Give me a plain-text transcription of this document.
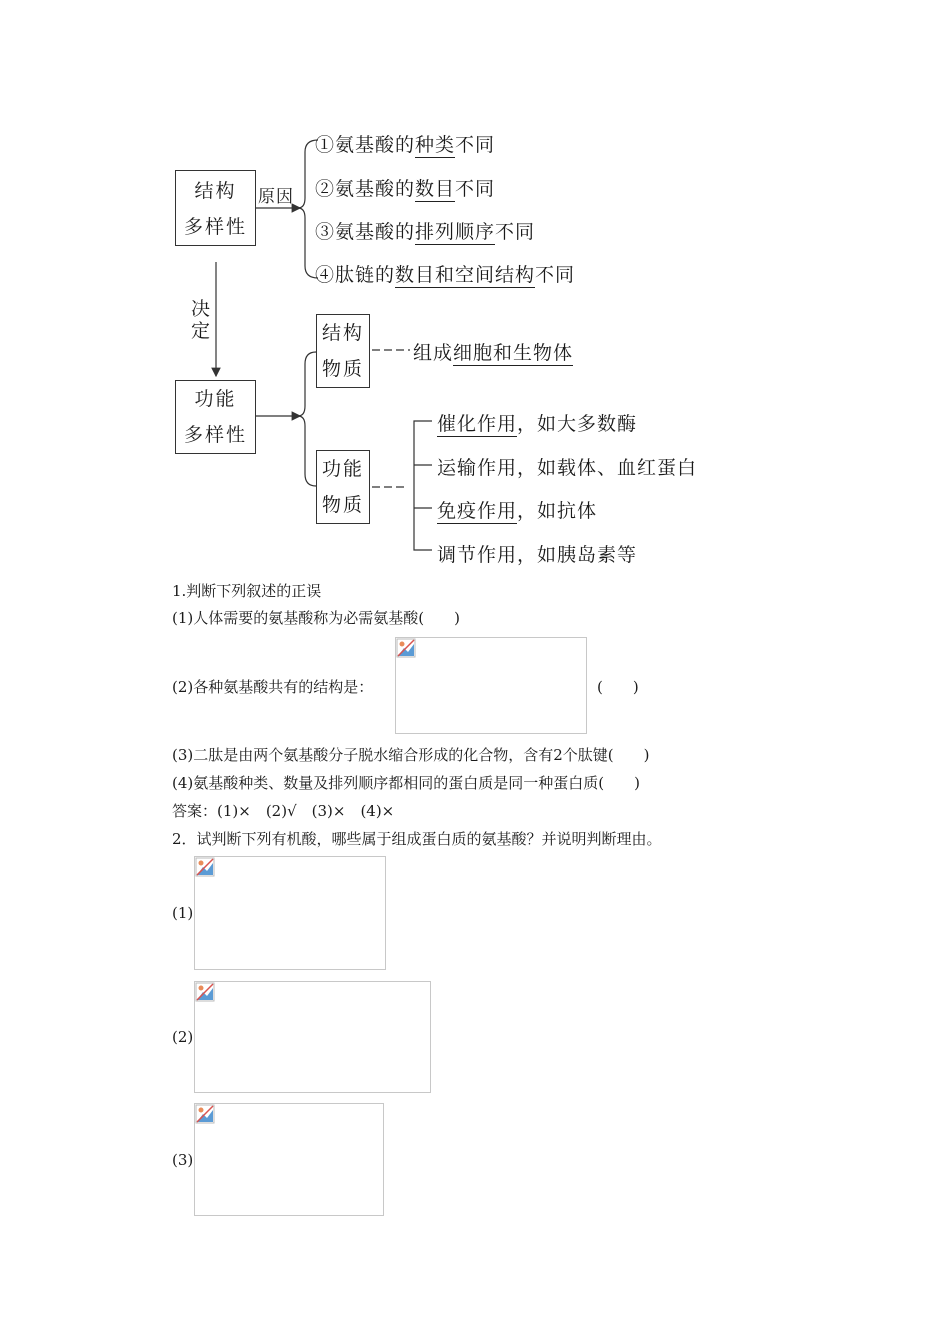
结构
多样性
原因
①氨基酸的种类不同
②氨基酸的数目不同
③氨基酸的排列顺序不同
④肽链的数目和空间结构不同
决
定
功能
多样性
结构
物质
组成细胞和生物体
功能
物质
催化作用，如大多数酶
运输作用，如载体、血红蛋白
免疫作用，如抗体
调节作用，如胰岛素等
1.判断下列叙述的正误
(1)人体需要的氨基酸称为必需氨基酸(　　)
(2)各种氨基酸共有的结构是：	(　　)
(3)二肽是由两个氨基酸分子脱水缩合形成的化合物，含有2个肽键(　　)
(4)氨基酸种类、数量及排列顺序都相同的蛋白质是同一种蛋白质(　　)
答案：(1)×　(2)√　(3)×　(4)×
2．试判断下列有机酸，哪些属于组成蛋白质的氨基酸？并说明判断理由。
(1)
(2)
(3)
